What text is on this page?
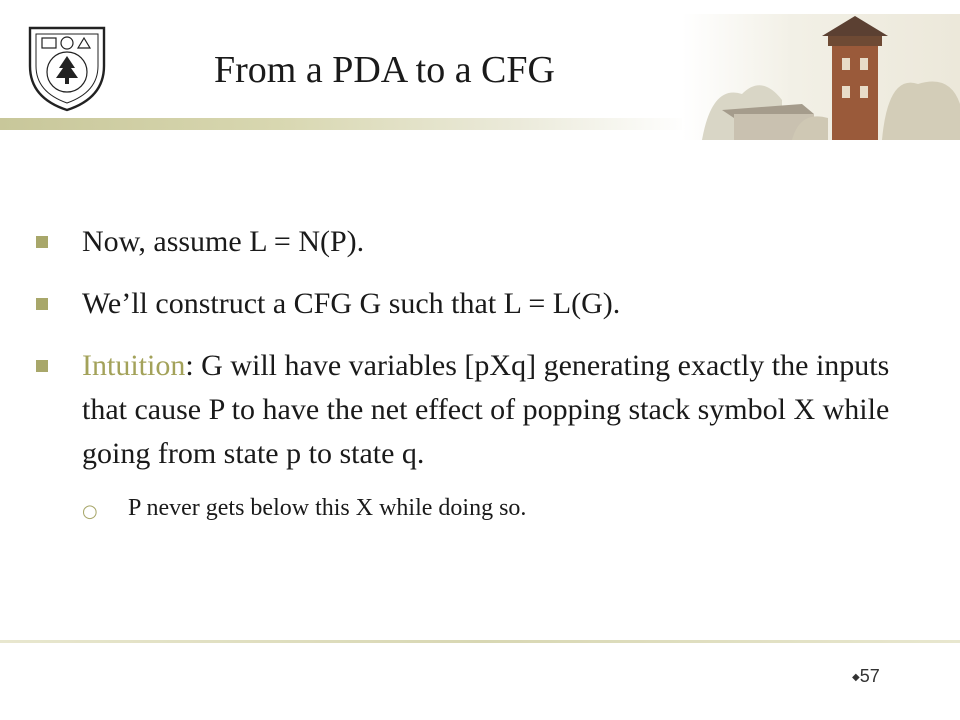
From a PDA to a CFG
Now, assume L = N(P).
We’ll construct a CFG G such that L = L(G).
Intuition: G will have variables [pXq] generating exactly the inputs that cause P to have the net effect of popping stack symbol X while going from state p to state q.
○ P never gets below this X while doing so.
◆57
